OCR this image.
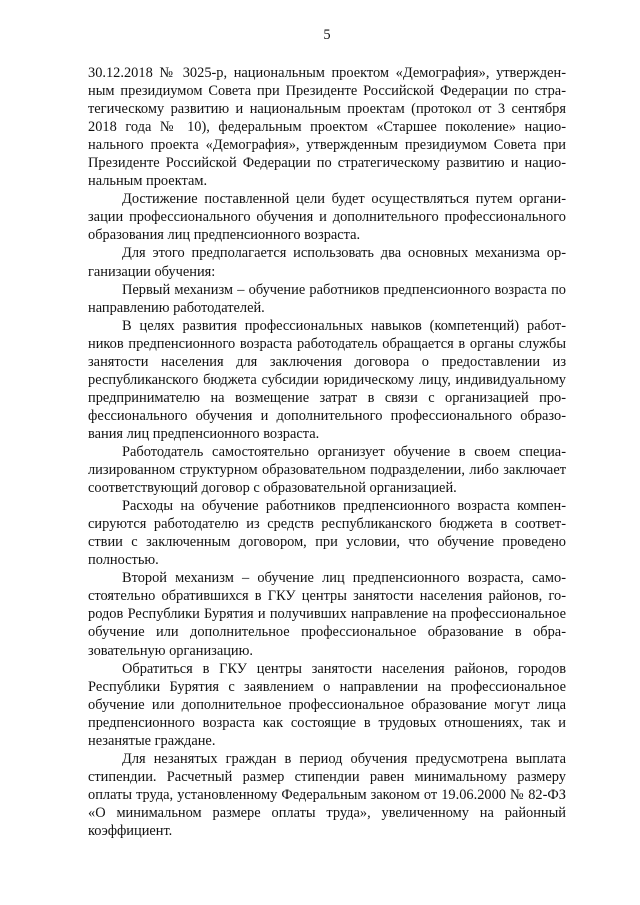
5

30.12.2018 № 3025-р, национальным проектом «Демография», утвержденным президиумом Совета при Президенте Российской Федерации по стратегическому развитию и национальным проектам (протокол от 3 сентября 2018 года № 10), федеральным проектом «Старшее поколение» национального проекта «Демография», утвержденным президиумом Совета при Президенте Российской Федерации по стратегическому развитию и национальным проектам.

Достижение поставленной цели будет осуществляться путем организации профессионального обучения и дополнительного профессионального образования лиц предпенсионного возраста.

Для этого предполагается использовать два основных механизма организации обучения:

Первый механизм – обучение работников предпенсионного возраста по направлению работодателей.

В целях развития профессиональных навыков (компетенций) работников предпенсионного возраста работодатель обращается в органы службы занятости населения для заключения договора о предоставлении из республиканского бюджета субсидии юридическому лицу, индивидуальному предпринимателю на возмещение затрат в связи с организацией профессионального обучения и дополнительного профессионального образования лиц предпенсионного возраста.

Работодатель самостоятельно организует обучение в своем специализированном структурном образовательном подразделении, либо заключает соответствующий договор с образовательной организацией.

Расходы на обучение работников предпенсионного возраста компенсируются работодателю из средств республиканского бюджета в соответствии с заключенным договором, при условии, что обучение проведено полностью.

Второй механизм – обучение лиц предпенсионного возраста, самостоятельно обратившихся в ГКУ центры занятости населения районов, городов Республики Бурятия и получивших направление на профессиональное обучение или дополнительное профессиональное образование в образовательную организацию.

Обратиться в ГКУ центры занятости населения районов, городов Республики Бурятия с заявлением о направлении на профессиональное обучение или дополнительное профессиональное образование могут лица предпенсионного возраста как состоящие в трудовых отношениях, так и незанятые граждане.

Для незанятых граждан в период обучения предусмотрена выплата стипендии. Расчетный размер стипендии равен минимальному размеру оплаты труда, установленному Федеральным законом от 19.06.2000 № 82-ФЗ «О минимальном размере оплаты труда», увеличенному на районный коэффициент.
